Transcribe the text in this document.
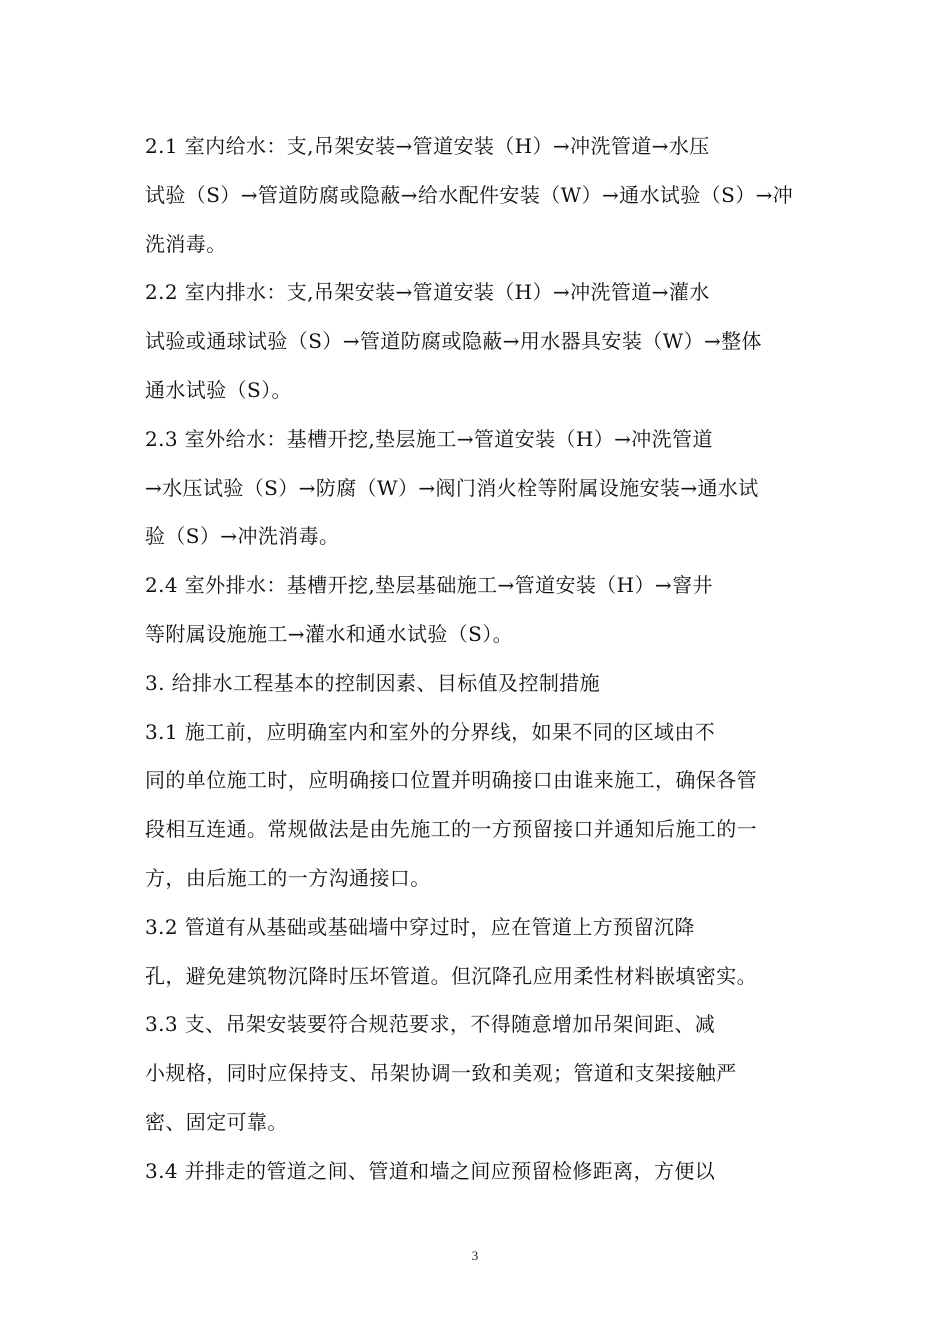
2.1 室内给水：支,吊架安装→管道安装（H）→冲洗管道→水压
试验（S）→管道防腐或隐蔽→给水配件安装（W）→通水试验（S）→冲
洗消毒。
2.2 室内排水：支,吊架安装→管道安装（H）→冲洗管道→灌水
试验或通球试验（S）→管道防腐或隐蔽→用水器具安装（W）→整体
通水试验（S）。
2.3 室外给水：基槽开挖,垫层施工→管道安装（H）→冲洗管道
→水压试验（S）→防腐（W）→阀门消火栓等附属设施安装→通水试
验（S）→冲洗消毒。
2.4 室外排水：基槽开挖,垫层基础施工→管道安装（H）→窨井
等附属设施施工→灌水和通水试验（S）。
3. 给排水工程基本的控制因素、目标值及控制措施
3.1 施工前，应明确室内和室外的分界线，如果不同的区域由不
同的单位施工时，应明确接口位置并明确接口由谁来施工，确保各管
段相互连通。常规做法是由先施工的一方预留接口并通知后施工的一
方，由后施工的一方沟通接口。
3.2 管道有从基础或基础墙中穿过时，应在管道上方预留沉降
孔，避免建筑物沉降时压坏管道。但沉降孔应用柔性材料嵌填密实。
3.3 支、吊架安装要符合规范要求，不得随意增加吊架间距、减
小规格，同时应保持支、吊架协调一致和美观；管道和支架接触严
密、固定可靠。
3.4 并排走的管道之间、管道和墙之间应预留检修距离，方便以
3
